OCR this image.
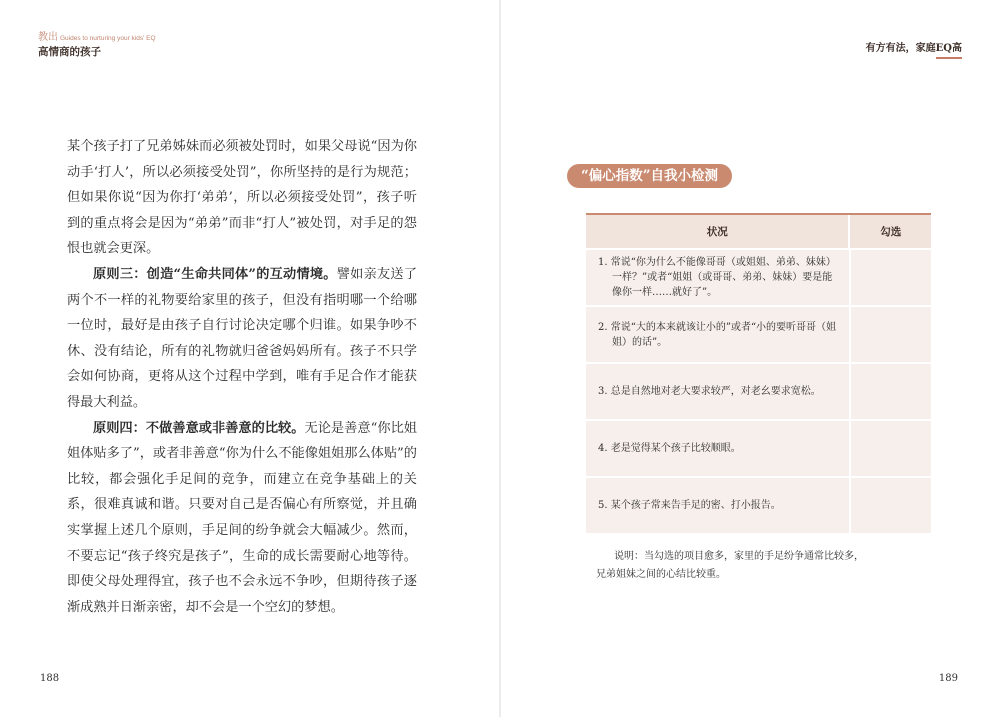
教出 Guides to nurturing your kids' EQ
高情商的孩子	有方有法，家庭EQ高

某个孩子打了兄弟姊妹而必须被处罚时，如果父母说“因为你动手‘打人’，所以必须接受处罚”，你所坚持的是行为规范；但如果你说“因为你打‘弟弟’，所以必须接受处罚”，孩子听到的重点将会是因为“弟弟”而非“打人”被处罚，对手足的怨恨也就会更深。

原则三：创造“生命共同体”的互动情境。譬如亲友送了两个不一样的礼物要给家里的孩子，但没有指明哪一个给哪一位时，最好是由孩子自行讨论决定哪个归谁。如果争吵不休、没有结论，所有的礼物就归爸爸妈妈所有。孩子不只学会如何协商，更将从这个过程中学到，唯有手足合作才能获得最大利益。

原则四：不做善意或非善意的比较。无论是善意“你比姐姐体贴多了”，或者非善意“你为什么不能像姐姐那么体贴”的比较，都会强化手足间的竞争，而建立在竞争基础上的关系，很难真诚和谐。只要对自己是否偏心有所察觉，并且确实掌握上述几个原则，手足间的纷争就会大幅减少。然而，不要忘记“孩子终究是孩子”，生命的成长需要耐心地等待。即使父母处理得宜，孩子也不会永远不争吵，但期待孩子逐渐成熟并日渐亲密，却不会是一个空幻的梦想。

“偏心指数”自我小检测
状况	勾选
1. 常说“你为什么不能像哥哥（或姐姐、弟弟、妹妹）一样？”或者“姐姐（或哥哥、弟弟、妹妹）要是能像你一样……就好了”。
2. 常说“大的本来就该让小的”或者“小的要听哥哥（姐姐）的话”。
3. 总是自然地对老大要求较严，对老幺要求宽松。
4. 老是觉得某个孩子比较顺眼。
5. 某个孩子常来告手足的密、打小报告。

说明：当勾选的项目愈多，家里的手足纷争通常比较多，

兄弟姐妹之间的心结比较重。

188	189
